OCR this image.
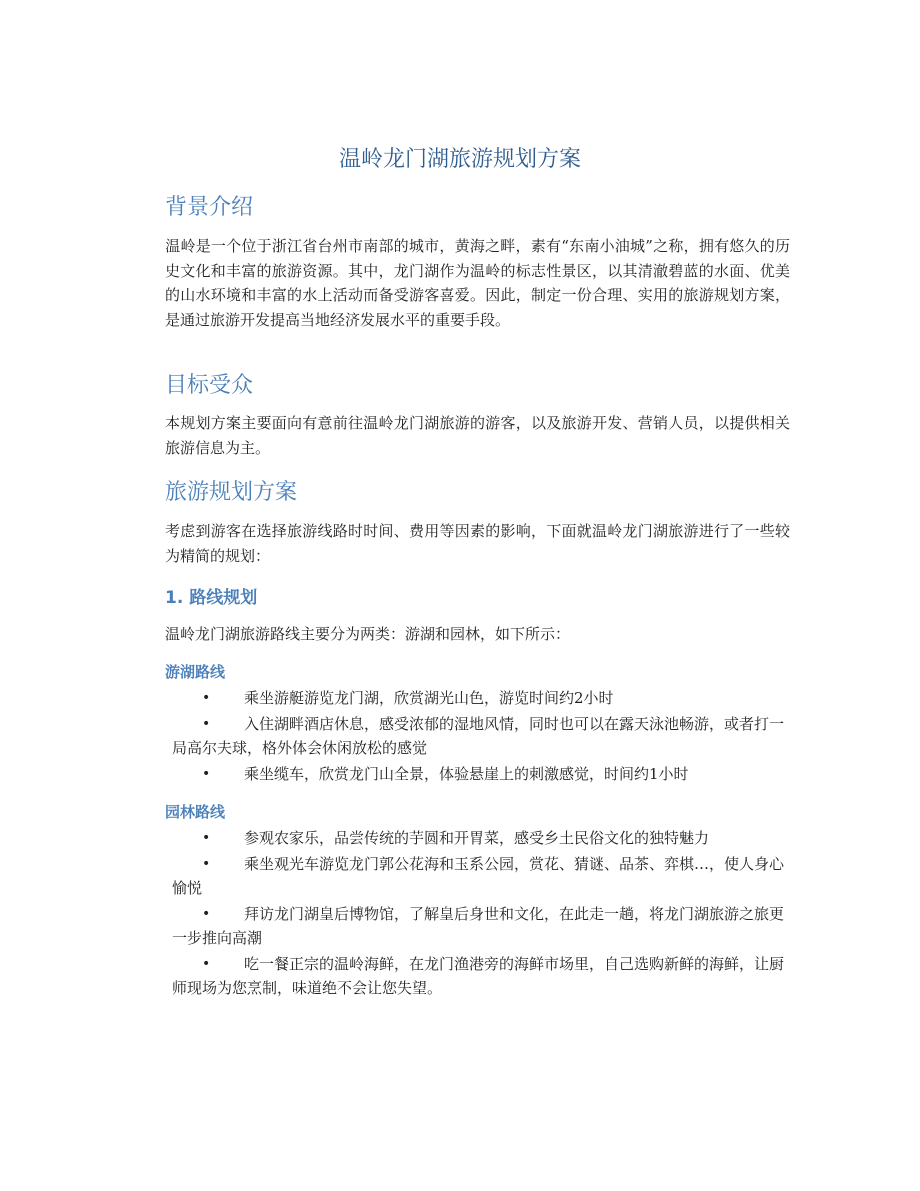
温岭龙门湖旅游规划方案
背景介绍

温岭是一个位于浙江省台州市南部的城市，黄海之畔，素有“东南小油城”之称，拥有悠久的历史文化和丰富的旅游资源。其中，龙门湖作为温岭的标志性景区，以其清澈碧蓝的水面、优美的山水环境和丰富的水上活动而备受游客喜爱。因此，制定一份合理、实用的旅游规划方案，是通过旅游开发提高当地经济发展水平的重要手段。

目标受众

本规划方案主要面向有意前往温岭龙门湖旅游的游客，以及旅游开发、营销人员，以提供相关旅游信息为主。

旅游规划方案

考虑到游客在选择旅游线路时时间、费用等因素的影响，下面就温岭龙门湖旅游进行了一些较为精简的规划：

1. 路线规划

温岭龙门湖旅游路线主要分为两类：游湖和园林，如下所示：

游湖路线
• 乘坐游艇游览龙门湖，欣赏湖光山色，游览时间约2小时
• 入住湖畔酒店休息，感受浓郁的湿地风情，同时也可以在露天泳池畅游，或者打一局高尔夫球，格外体会休闲放松的感觉
• 乘坐缆车，欣赏龙门山全景，体验悬崖上的刺激感觉，时间约1小时
园林路线
• 参观农家乐，品尝传统的芋圆和开胃菜，感受乡土民俗文化的独特魅力
• 乘坐观光车游览龙门郭公花海和玉系公园，赏花、猜谜、品茶、弈棋…，使人身心愉悦
• 拜访龙门湖皇后博物馆，了解皇后身世和文化，在此走一趟，将龙门湖旅游之旅更一步推向高潮
• 吃一餐正宗的温岭海鲜，在龙门渔港旁的海鲜市场里，自己选购新鲜的海鲜，让厨师现场为您烹制，味道绝不会让您失望。
